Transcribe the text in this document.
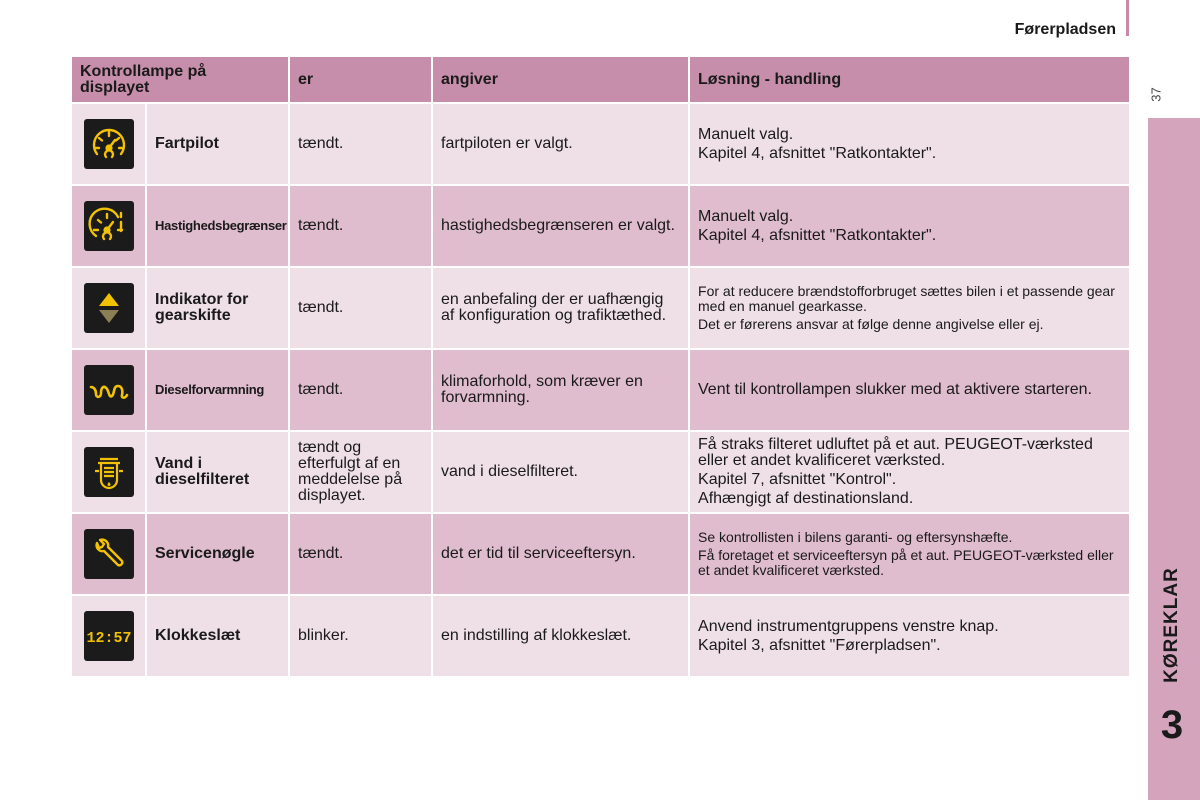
Førerpladsen
37
KØREKLAR
3
Kontrollampe på displayet		er	angiver	Løsning - handling

	Fartpilot	tændt.	fartpiloten er valgt.	Manuelt valg.
Kapitel 4, afsnittet "Ratkontakter".

	Hastighedsbegrænser	tændt.	hastighedsbegrænseren er valgt.	Manuelt valg.
Kapitel 4, afsnittet "Ratkontakter".

	Indikator for gearskifte	tændt.	en anbefaling der er uafhængig af konfiguration og trafiktæthed.	For at reducere brændstofforbruget sættes bilen i et passende gear med en manuel gearkasse.
Det er førerens ansvar at følge denne angivelse eller ej.

	Dieselforvarmning	tændt.	klimaforhold, som kræver en forvarmning.	Vent til kontrollampen slukker med at aktivere starteren.

	Vand i dieselfilteret	tændt og efterfulgt af en meddelelse på displayet.	vand i dieselfilteret.	Få straks filteret udluftet på et aut. PEUGEOT-værksted eller et andet kvalificeret værksted.
Kapitel 7, afsnittet "Kontrol".
Afhængigt af destinationsland.

	Servicenøgle	tændt.	det er tid til serviceeftersyn.	Se kontrollisten i bilens garanti- og eftersynshæfte.
Få foretaget et serviceeftersyn på et aut. PEUGEOT-værksted eller et andet kvalificeret værksted.

12:57	Klokkeslæt	blinker.	en indstilling af klokkeslæt.	Anvend instrumentgruppens venstre knap.
Kapitel 3, afsnittet "Førerpladsen".
